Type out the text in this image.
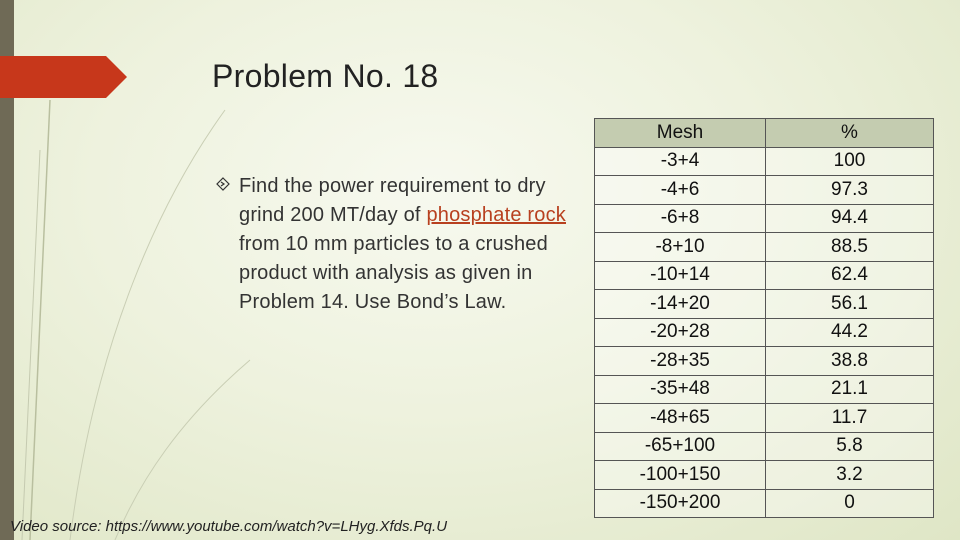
Problem No. 18
Find the power requirement to dry grind 200 MT/day of phosphate rock from 10 mm particles to a crushed product with analysis as given in Problem 14. Use Bond’s Law.
Mesh	%
-3+4	100
-4+6	97.3
-6+8	94.4
-8+10	88.5
-10+14	62.4
-14+20	56.1
-20+28	44.2
-28+35	38.8
-35+48	21.1
-48+65	11.7
-65+100	5.8
-100+150	3.2
-150+200	0
Video source: https://www.youtube.com/watch?v=LHyg.Xfds.Pq.U
